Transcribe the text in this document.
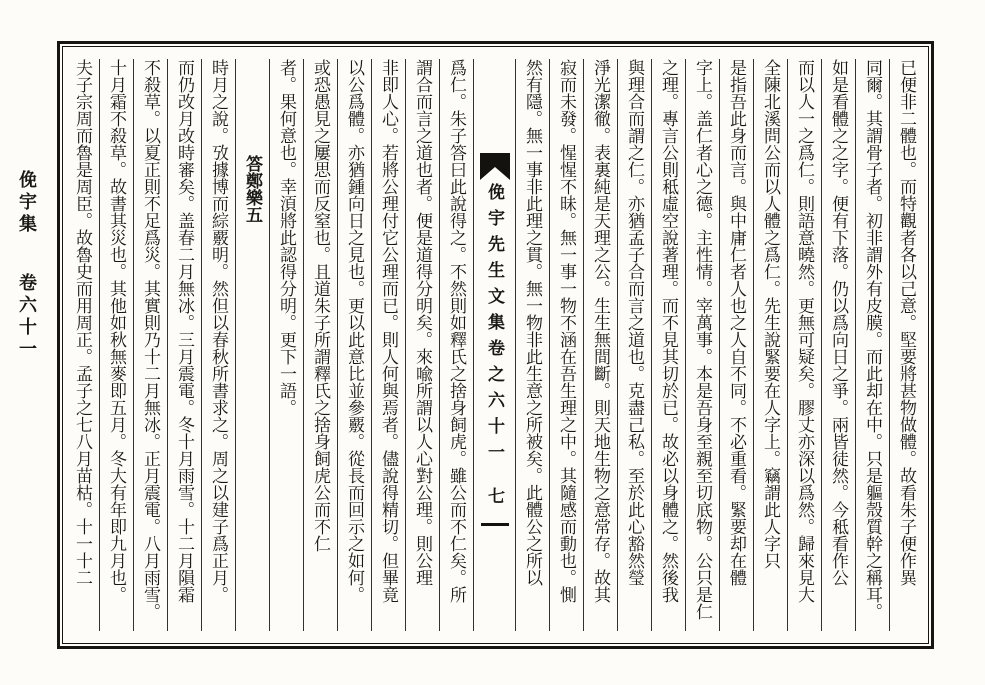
俛宇集 卷六十一	已便非二體也。而特觀者各以己意。堅要將甚物做體。故看朱子便作異
同爾。其謂骨子者。初非謂外有皮膜。而此却在中。只是軀殼質幹之稱耳。
如是看體之之字。便有下落。仍以爲向日之爭。兩皆徒然。今秪看作公
而以人一之爲仁。則語意曉然。更無可疑矣。膠丈亦深以爲然。歸來見大
全陳北溪問公而以人體之爲仁。先生說緊要在人字上。竊謂此人字只
是指吾此身而言。與中庸仁者人也之人自不同。不必重看。緊要却在體
字上。盖仁者心之德。主性情。宰萬事。本是吾身至親至切底物。公只是仁
之理。專言公則秪虛空說著理。而不見其切於已。故必以身體之。然後我
與理合而謂之仁。亦猶孟子合而言之道也。克盡己私。至於此心豁然瑩
淨光潔徹。表裏純是天理之公。生生無間斷。則天地生物之意常存。故其
寂而未發。惺惺不昧。無一事一物不涵在吾生理之中。其隨感而動也。惻
然有隱。無一事非此理之貫。無一物非此生意之所被矣。此體公之所以
俛宇先生文集卷之六十一
七
爲仁。朱子答曰此說得之。不然則如釋氏之捨身飼虎。雖公而不仁矣。所
謂合而言之道也者。便是道得分明矣。來喩所謂以人心對公理。則公理
非即人心。若將公理付它公理而已。則人何與焉者。儘說得精切。但畢竟
以公爲體。亦猶鍾向日之見也。更以此意比並參覈。從長而回示之如何。
或恐愚見之屢思而反窒也。且道朱子所謂釋氏之捨身飼虎公而不仁
者。果何意也。幸湏將此認得分明。更下一語。
答鄭樂五
時月之說。攷據博而綜覈明。然但以春秋所書求之。周之以建子爲正月。
而仍改月改時審矣。盖春二月無冰。三月震電。冬十月雨雪。十二月隕霜
不殺草。以夏正則不足爲災。其實則乃十二月無冰。正月震電。八月雨雪。
十月霜不殺草。故書其災也。其他如秋無麥即五月。冬大有年即九月也。
夫子宗周而魯是周臣。故魯史而用周正。孟子之七八月苗枯。十一十二
